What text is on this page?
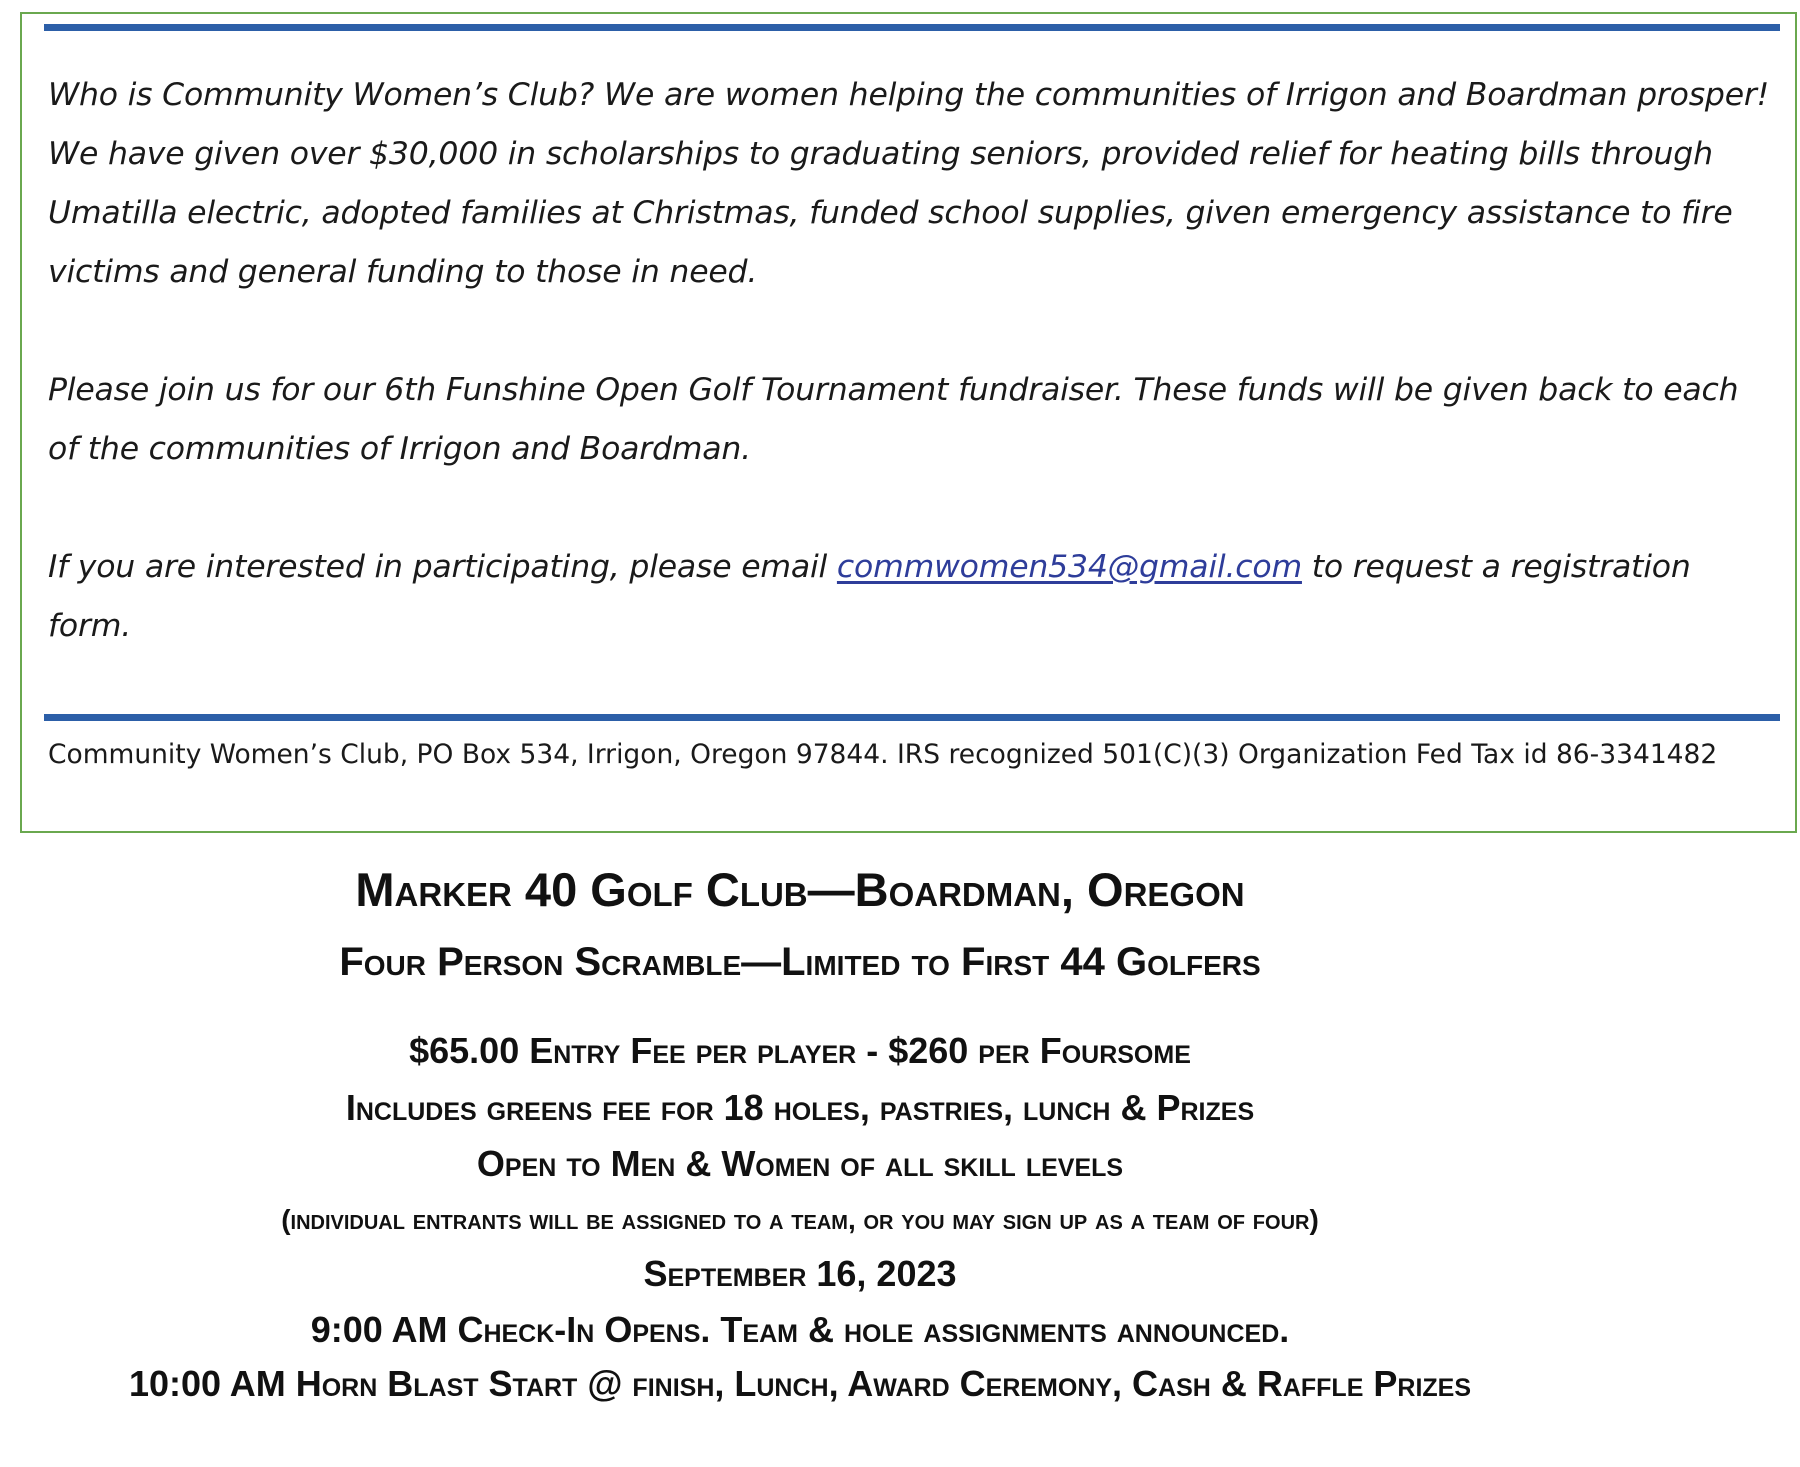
Who is Community Women’s Club? We are women helping the communities of Irrigon and Boardman prosper! We have given over $30,000 in scholarships to graduating seniors, provided relief for heating bills through Umatilla electric, adopted families at Christmas, funded school supplies, given emergency assistance to fire victims and general funding to those in need.

Please join us for our 6th Funshine Open Golf Tournament fundraiser. These funds will be given back to each of the communities of Irrigon and Boardman.

If you are interested in participating, please email commwomen534@gmail.com to request a registration form.

Community Women’s Club, PO Box 534, Irrigon, Oregon 97844. IRS recognized 501(C)(3) Organization Fed Tax id 86-3341482
Marker 40 Golf Club—Boardman, Oregon
Four Person Scramble—Limited to First 44 Golfers
$65.00 Entry Fee per player - $260 per Foursome
Includes greens fee for 18 holes, pastries, lunch & Prizes
Open to Men & Women of all skill levels
(individual entrants will be assigned to a team, or you may sign up as a team of four)
September 16, 2023
9:00 AM Check-In Opens. Team & hole assignments announced.
10:00 AM Horn Blast Start @ finish, Lunch, Award Ceremony, Cash & Raffle Prizes
